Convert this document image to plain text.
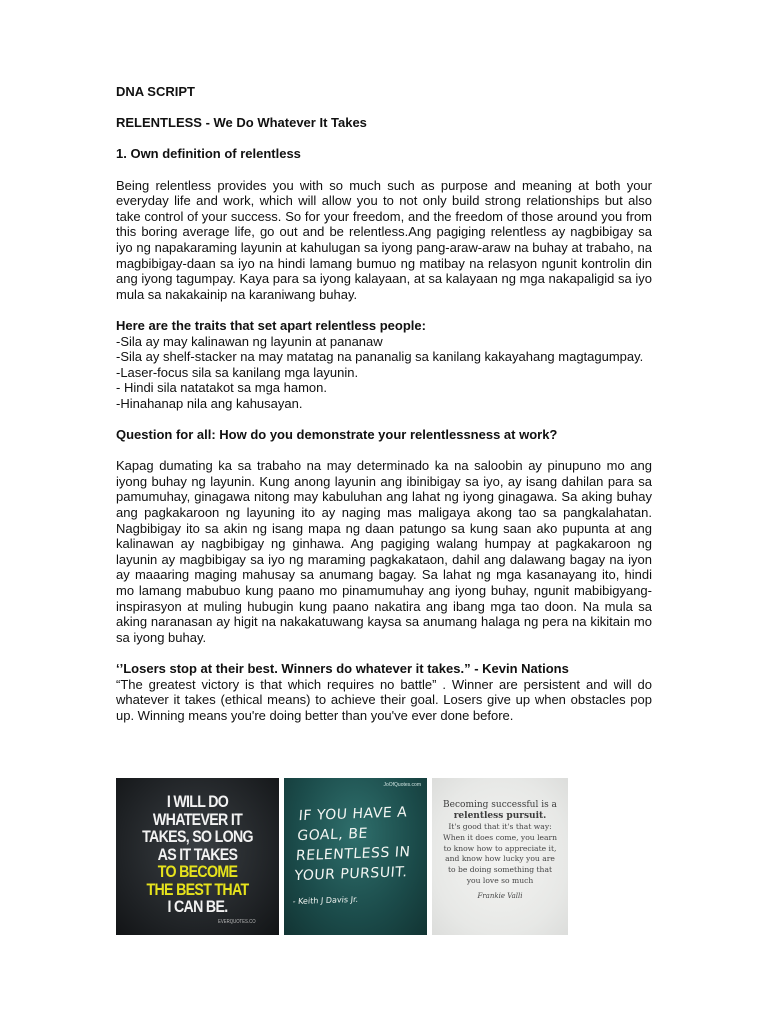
DNA SCRIPT
RELENTLESS - We Do Whatever It Takes
1. Own definition of relentless

Being relentless provides you with so much such as purpose and meaning at both your everyday life and work, which will allow you to not only build strong relationships but also take control of your success. So for your freedom, and the freedom of those around you from this boring average life, go out and be relentless.Ang pagiging relentless ay nagbibigay sa iyo ng napakaraming layunin at kahulugan sa iyong pang-araw-araw na buhay at trabaho, na magbibigay-daan sa iyo na hindi lamang bumuo ng matibay na relasyon ngunit kontrolin din ang iyong tagumpay. Kaya para sa iyong kalayaan, at sa kalayaan ng mga nakapaligid sa iyo mula sa nakakainip na karaniwang buhay.

Here are the traits that set apart relentless people:
-Sila ay may kalinawan ng layunin at pananaw
-Sila ay shelf-stacker na may matatag na pananalig sa kanilang kakayahang magtagumpay.
-Laser-focus sila sa kanilang mga layunin.
- Hindi sila natatakot sa mga hamon.
-Hinahanap nila ang kahusayan.
Question for all: How do you demonstrate your relentlessness at work?

Kapag dumating ka sa trabaho na may determinado ka na saloobin ay pinupuno mo ang iyong buhay ng layunin. Kung anong layunin ang ibinibigay sa iyo, ay isang dahilan para sa pamumuhay, ginagawa nitong may kabuluhan ang lahat ng iyong ginagawa. Sa aking buhay ang pagkakaroon ng layuning ito ay naging mas maligaya akong tao sa pangkalahatan. Nagbibigay ito sa akin ng isang mapa ng daan patungo sa kung saan ako pupunta at ang kalinawan ay nagbibigay ng ginhawa. Ang pagiging walang humpay at pagkakaroon ng layunin ay magbibigay sa iyo ng maraming pagkakataon, dahil ang dalawang bagay na iyon ay maaaring maging mahusay sa anumang bagay. Sa lahat ng mga kasanayang ito, hindi mo lamang mabubuo kung paano mo pinamumuhay ang iyong buhay, ngunit mabibigyang-inspirasyon at muling hubugin kung paano nakatira ang ibang mga tao doon. Na mula sa aking naranasan ay higit na nakakatuwang kaysa sa anumang halaga ng pera na kikitain mo sa iyong buhay.

‘’Losers stop at their best. Winners do whatever it takes.” - Kevin Nations

“The greatest victory is that which requires no battle” . Winner are persistent and will do whatever it takes (ethical means) to achieve their goal. Losers give up when obstacles pop up. Winning means you're doing better than you've ever done before.

I WILL DO
WHATEVER IT
TAKES, SO LONG
AS IT TAKES
TO BECOME
THE BEST THAT
I CAN BE.
EVERQUOTES.CO
JoOfQuotes.com
IF YOU HAVE A
GOAL, BE
RELENTLESS IN
YOUR PURSUIT.
- Keith J Davis Jr.
Becoming successful is a
relentless pursuit.
It's good that it's that way:
When it does come, you learn
to know how to appreciate it,
and know how lucky you are
to be doing something that
you love so much
Frankie Valli
